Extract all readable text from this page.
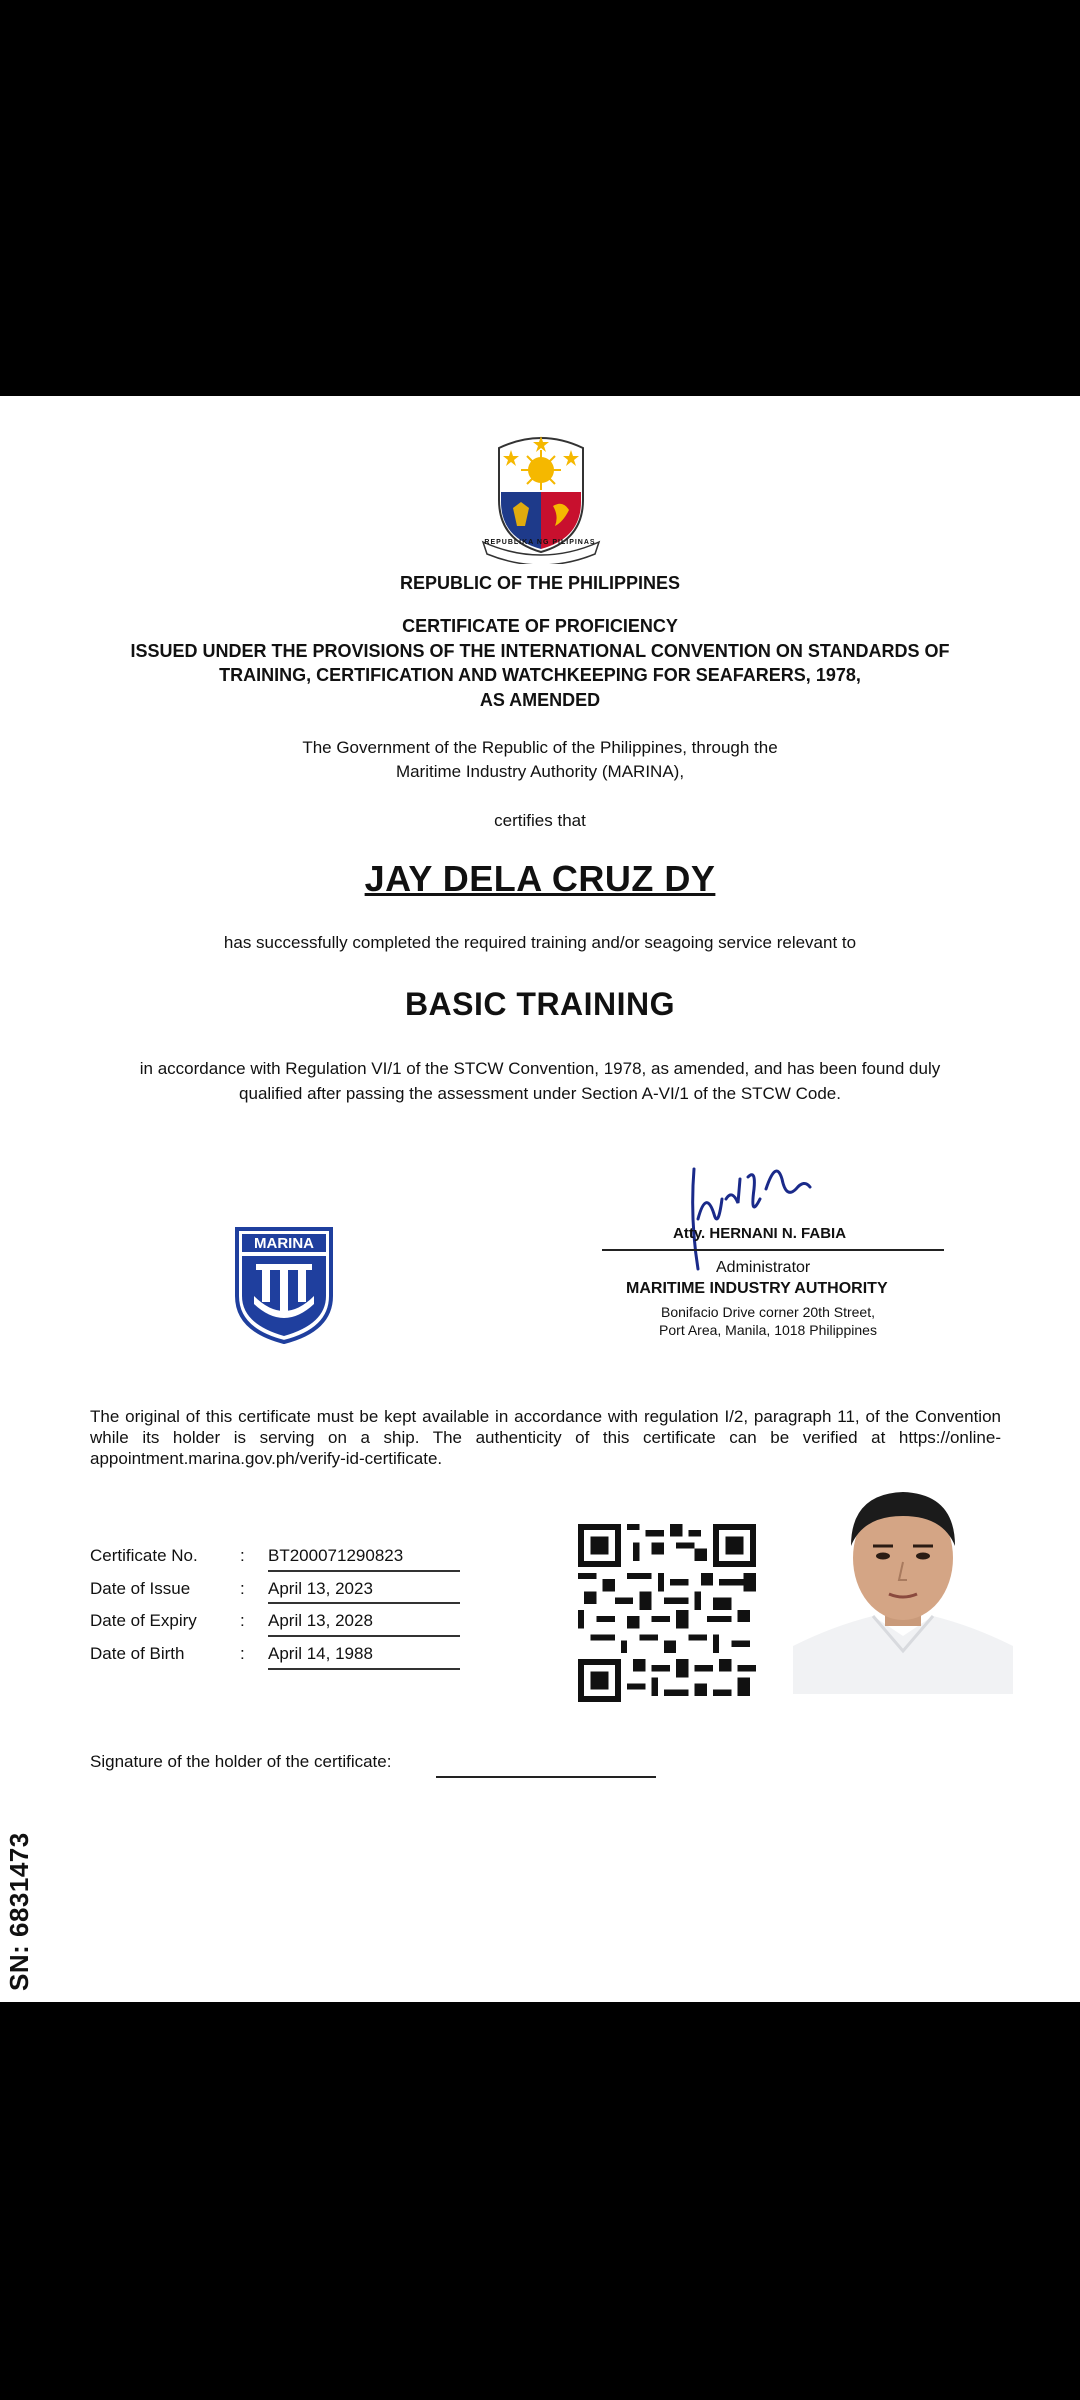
REPUBLIKA NG PILIPINAS
REPUBLIC OF THE PHILIPPINES
CERTIFICATE OF PROFICIENCY
ISSUED UNDER THE PROVISIONS OF THE INTERNATIONAL CONVENTION ON STANDARDS OF
TRAINING, CERTIFICATION AND WATCHKEEPING FOR SEAFARERS, 1978,
AS AMENDED
The Government of the Republic of the Philippines, through the
Maritime Industry Authority (MARINA),
certifies that
JAY DELA CRUZ DY
has successfully completed the required training and/or seagoing service relevant to
BASIC TRAINING
in accordance with Regulation VI/1 of the STCW Convention, 1978, as amended, and has been found duly
qualified after passing the assessment under Section A-VI/1 of the STCW Code.
MARINA
Atty. HERNANI N. FABIA
Administrator
MARITIME INDUSTRY AUTHORITY
Bonifacio Drive corner 20th Street,
Port Area, Manila, 1018 Philippines
The original of this certificate must be kept available in accordance with regulation I/2, paragraph 11, of the Convention while its holder is serving on a ship. The authenticity of this certificate can be verified at https://online-appointment.marina.gov.ph/verify-id-certificate.
Certificate No. : BT200071290823
Date of Issue	: April 13, 2023
Date of Expiry	: April 13, 2028
Date of Birth	: April 14, 1988
Signature of the holder of the certificate:
SN: 6831473
